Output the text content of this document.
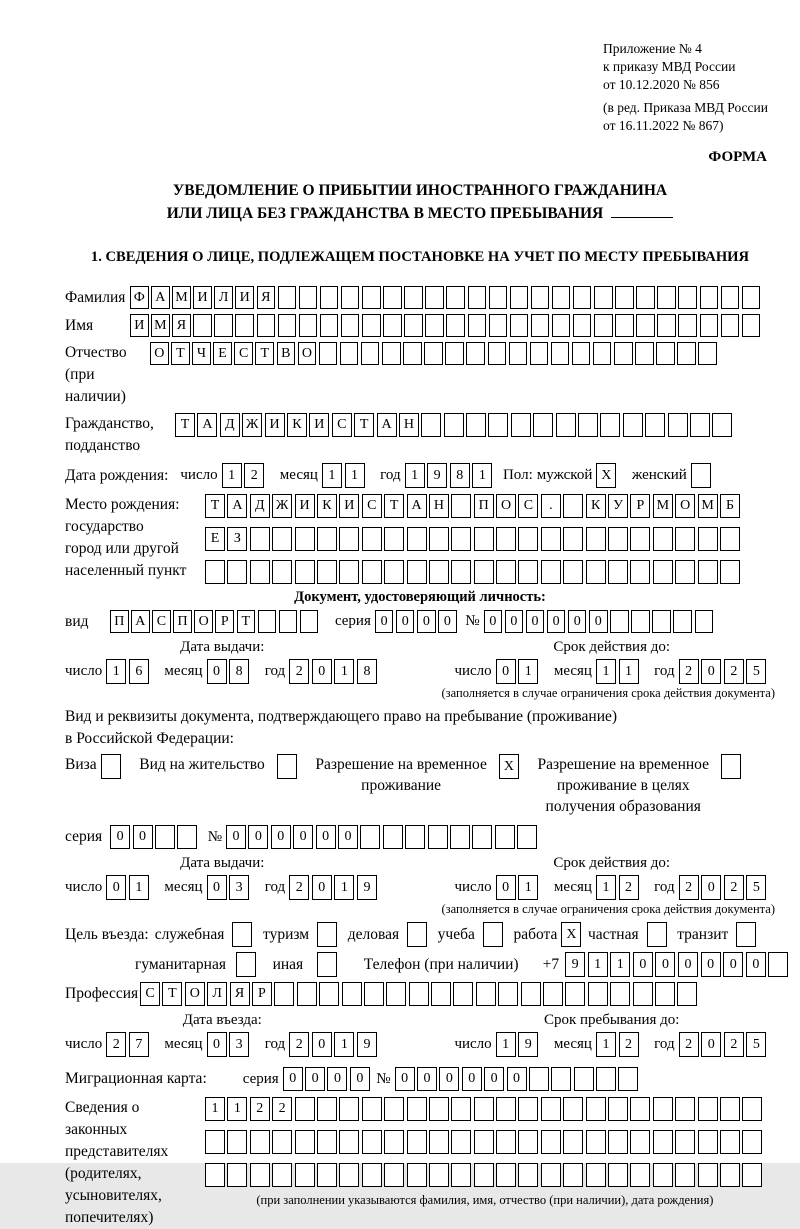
Приложение № 4
к приказу МВД России
от 10.12.2020 № 856
(в ред. Приказа МВД России
от 16.11.2022 № 867)
ФОРМА
УВЕДОМЛЕНИЕ О ПРИБЫТИИ ИНОСТРАННОГО ГРАЖДАНИНА
ИЛИ ЛИЦА БЕЗ ГРАЖДАНСТВА В МЕСТО ПРЕБЫВАНИЯ
1. СВЕДЕНИЯ О ЛИЦЕ, ПОДЛЕЖАЩЕМ ПОСТАНОВКЕ НА УЧЕТ ПО МЕСТУ ПРЕБЫВАНИЯ
Фамилия Ф А М И Л И Я
Имя	И М Я
Отчество
(при наличии)
О Т Ч Е С Т В О
Гражданство,
подданство
Т А Д Ж И К И С Т А Н
Дата рождения: число 1	2	месяц 1	1	год 1	9	8	1	Пол: мужской X	женский
Место рождения:
государство
город или другой
населенный пункт
Т А Д Ж И К И С Т А Н	П О С	.	К У Р М О М Б
Е	З
Документ, удостоверяющий личность:
вид	П А С П О Р Т	серия 0	0	0	0 № 0	0	0	0	0	0
Дата выдачи:
число 1	6	месяц 0	8	год 2	0	1	8
Срок действия до:
число 0	1	месяц 1	1	год 2	0	2	5
(заполняется в случае ограничения срока действия документа)
Вид и реквизиты документа, подтверждающего право на пребывание (проживание)
в Российской Федерации:
Виза	Вид на жительство	Разрешение на временное
проживание
X	Разрешение на временное
проживание в целях
получения образования
серия	0	0	№ 0	0	0	0	0	0
Дата выдачи:
число 0	1	месяц 0	3	год 2	0	1	9
Срок действия до:
число 0	1	месяц 1	2	год 2	0	2	5
(заполняется в случае ограничения срока действия документа)
Цель въезда: служебная туризм деловая учеба работа X частная транзит
гуманитарная	иная	Телефон (при наличии) +7 9	1	1	0	0	0	0	0	0
Профессия С Т О Л Я Р
Дата въезда:
число 2	7	месяц 0	3	год 2	0	1	9
Срок пребывания до:
число 1	9	месяц 1	2	год 2	0	2	5
Миграционная карта: серия 0	0	0	0 № 0	0	0	0	0	0
Сведения о
законных
представителях
(родителях,
усыновителях,
попечителях)
1	1	2	2
(при заполнении указываются фамилия, имя, отчество (при наличии), дата рождения)
